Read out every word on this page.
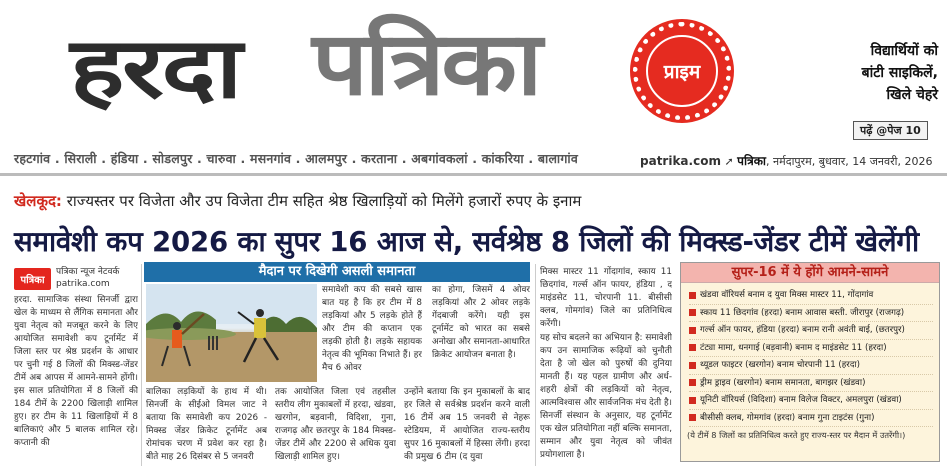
हरदा पत्रिका	प्राइम
विद्यार्थियों को
बांटी साइकिलें,
खिले चेहरे
पढ़ें @पेज 10
रहटगांव . सिराली . हंडिया . सोडलपुर . चारुवा . मसनगांव . आलमपुर . करताना . अबगांवकलां . कांकरिया . बालागांव	patrika.com ➚ पत्रिका, नर्मदापुरम, बुधवार, 14 जनवरी, 2026
खेलकूद: राज्यस्तर पर विजेता और उप विजेता टीम सहित श्रेष्ठ खिलाड़ियों को मिलेंगे हजारों रुपए के इनाम
समावेशी कप 2026 का सुपर 16 आज से, सर्वश्रेष्ठ 8 जिलों की मिक्स्ड-जेंडर टीमें खेलेंगी
पत्रिका
पत्रिका न्यूज नेटवर्क
patrika.com
हरदा. सामाजिक संस्था सिनर्जी द्वारा खेल के माध्यम से लैंगिक समानता और युवा नेतृत्व को मजबूत करने के लिए आयोजित समावेशी कप टूर्नामेंट में जिला स्तर पर श्रेष्ठ प्रदर्शन के आधार पर चुनी गई 8 जिलों की मिक्स्ड-जेंडर टीमें अब आपस में आमने-सामने होंगी। इस साल प्रतियोगिता में 8 जिलों की 184 टीमें के 2200 खिलाड़ी शामिल हुए। हर टीम के 11 खिलाड़ियों में 8 बालिकाएं और 5 बालक शामिल रहे। कप्तानी की
मैदान पर दिखेगी असली समानता
समावेशी कप की सबसे खास बात यह है कि हर टीम में 8 लड़कियां और 5 लड़के होते हैं और टीम की कप्तान एक लड़की होती है। लड़के सहायक नेतृत्व की भूमिका निभाते हैं। हर मैच 6 ओवर
का होगा, जिसमें 4 ओवर लड़कियां और 2 ओवर लड़के गेंदबाजी करेंगे। यही इस टूर्नामेंट को भारत का सबसे अनोखा और समानता-आधारित क्रिकेट आयोजन बनाता है।
बालिका लड़कियों के हाथ में थी। सिनर्जी के सीईओ विमल जाट ने बताया कि समावेशी कप 2026 - मिक्स्ड जेंडर क्रिकेट टूर्नामेंट अब रोमांचक चरण में प्रवेश कर रहा है। बीते माह 26 दिसंबर से 5 जनवरी
तक आयोजित जिला एवं तहसील स्तरीय लीग मुकाबलों में हरदा, खंडवा, खरगोन, बड़वानी, विदिशा, गुना, राजगढ़ और छतरपुर के 184 मिक्स्ड-जेंडर टीमें और 2200 से अधिक युवा खिलाड़ी शामिल हुए।
उन्होंने बताया कि इन मुकाबलों के बाद हर जिले से सर्वश्रेष्ठ प्रदर्शन करने वाली 16 टीमें अब 15 जनवरी से नेहरू स्टेडियम, में आयोजित राज्य-स्तरीय सुपर 16 मुकाबलों में हिस्सा लेंगी। हरदा की प्रमुख 6 टीम (द युवा
मिक्स मास्टर 11 गोंदागांव, स्काय 11 छिदगांव, गर्ल्स ऑन फायर, हंडिया , द माइंडसेट 11, चोरपानी 11. बीसीसी क्लब, गोमगांव) जिले का प्रतिनिधित्व करेंगी।
यह सोच बदलने का अभियान है: समावेशी कप उन सामाजिक रूढ़ियों को चुनौती देता है जो खेल को पुरुषों की दुनिया मानती हैं। यह पहल ग्रामीण और अर्ध-शहरी क्षेत्रों की लड़कियों को नेतृत्व, आत्मविश्वास और सार्वजनिक मंच देती है। सिनर्जी संस्थान के अनुसार, यह टूर्नामेंट एक खेल प्रतियोगिता नहीं बल्कि समानता, सम्मान और युवा नेतृत्व को जीवंत प्रयोगशाला है।
सुपर-16 में ये होंगे आमने-सामने
खंडवा वॉरियर्स बनाम द युवा मिक्स मास्टर 11, गोंदागांव
स्काय 11 छिदगांव (हरदा) बनाम आवास बस्ती. जीरापुर (राजगढ़)
गर्ल्स ऑन फायर, हंडिया (हरदा) बनाम रानी अवंती बाई, (छतरपुर)
टंट्या मामा, धनगाई (बड़वानी) बनाम द माइंडसेट 11 (हरदा)
थ्यूडल फाइटर (खरगोन) बनाम चोरपानी 11 (हरदा)
ड्रीम ड्राइव (खरगोन) बनाम समानता, बागझर (खंडवा)
यूनिटी वॉरियर्स (विदिशा) बनाम विलेज विक्टर, अमलपुरा (खंडवा)
बीसीसी क्लब, गोमगांव (हरदा) बनाम गुना टाइटंस (गुना)
(ये टीमें 8 जिलों का प्रतिनिधित्व करते हुए राज्य-स्तर पर मैदान में उतरेंगी।)
